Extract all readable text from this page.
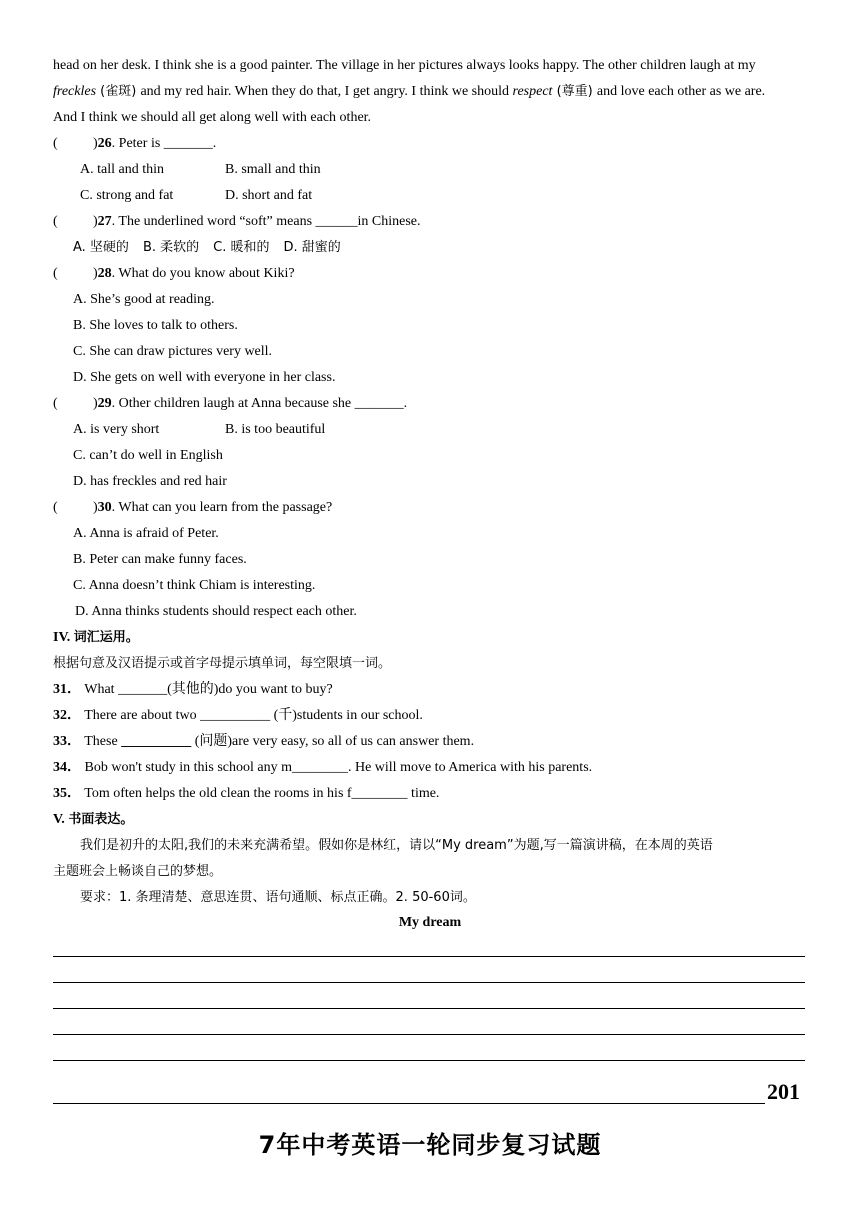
head on her desk. I think she is a good painter. The village in her pictures always looks happy. The other children laugh at my
freckles (雀斑) and my red hair. When they do that, I get angry. I think we should respect (尊重) and love each other as we are.
And I think we should all get along well with each other.
(	)26. Peter is _______.
A. tall and thin	B. small and thin
C. strong and fat	D. short and fat
(	)27. The underlined word “soft” means ______in Chinese.
A. 坚硬的 B. 柔软的 C. 暖和的 D. 甜蜜的
(	)28. What do you know about Kiki?
A. She’s good at reading.
B. She loves to talk to others.
C. She can draw pictures very well.
D. She gets on well with everyone in her class.
(	)29. Other children laugh at Anna because she _______.
A. is very short	B. is too beautiful
C. can’t do well in English
D. has freckles and red hair
(	)30. What can you learn from the passage?
A. Anna is afraid of Peter.
B. Peter can make funny faces.
C. Anna doesn’t think Chiam is interesting.
D. Anna thinks students should respect each other.
IV. 词汇运用。
根据句意及汉语提示或首字母提示填单词，每空限填一词。
31． What _______(其他的)do you want to buy?
32． There are about two __________ (千)students in our school.
33． These __________ (问题)are very easy, so all of us can answer them.
34． Bob won't study in this school any m________. He will move to America with his parents.
35． Tom often helps the old clean the rooms in his f________ time.
V. 书面表达。
我们是初升的太阳,我们的未来充满希望。假如你是林红，请以“My dream”为题,写一篇演讲稿，在本周的英语
主题班会上畅谈自己的梦想。
要求：1. 条理清楚、意思连贯、语句通顺、标点正确。2. 50-60词。
My dream
201
7年中考英语一轮同步复习试题
